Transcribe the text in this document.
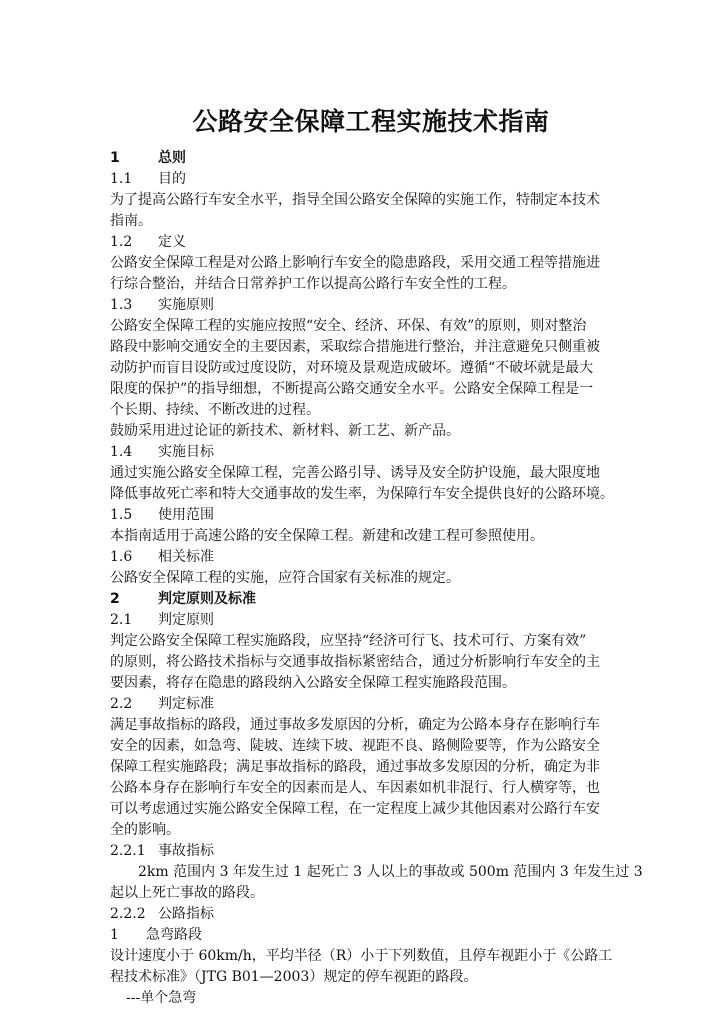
公路安全保障工程实施技术指南
1	总则
1.1 目的
为了提高公路行车安全水平，指导全国公路安全保障的实施工作，特制定本技术
指南。
1.2 定义
公路安全保障工程是对公路上影响行车安全的隐患路段，采用交通工程等措施进
行综合整治，并结合日常养护工作以提高公路行车安全性的工程。
1.3 实施原则
公路安全保障工程的实施应按照“安全、经济、环保、有效”的原则，则对整治
路段中影响交通安全的主要因素，采取综合措施进行整治，并注意避免只侧重被
动防护而盲目设防或过度设防，对环境及景观造成破坏。遵循“不破坏就是最大
限度的保护”的指导细想，不断提高公路交通安全水平。公路安全保障工程是一
个长期、持续、不断改进的过程。
鼓励采用进过论证的新技术、新材料、新工艺、新产品。
1.4 实施目标
通过实施公路安全保障工程，完善公路引导、诱导及安全防护设施，最大限度地
降低事故死亡率和特大交通事故的发生率，为保障行车安全提供良好的公路环境。
1.5 使用范围
本指南适用于高速公路的安全保障工程。新建和改建工程可参照使用。
1.6 相关标准
公路安全保障工程的实施，应符合国家有关标准的规定。
2	判定原则及标准
2.1 判定原则
判定公路安全保障工程实施路段，应坚持“经济可行飞、技术可行、方案有效”
的原则，将公路技术指标与交通事故指标紧密结合，通过分析影响行车安全的主
要因素，将存在隐患的路段纳入公路安全保障工程实施路段范围。
2.2 判定标准
满足事故指标的路段，通过事故多发原因的分析，确定为公路本身存在影响行车
安全的因素，如急弯、陡坡、连续下坡、视距不良、路侧险要等，作为公路安全
保障工程实施路段；满足事故指标的路段，通过事故多发原因的分析，确定为非
公路本身存在影响行车安全的因素而是人、车因素如机非混行、行人横穿等，也
可以考虑通过实施公路安全保障工程，在一定程度上减少其他因素对公路行车安
全的影响。
2.2.1 事故指标
2km 范围内 3 年发生过 1 起死亡 3 人以上的事故或 500m 范围内 3 年发生过 3
起以上死亡事故的路段。
2.2.2 公路指标
1 急弯路段
设计速度小于 60km/h，平均半径（R）小于下列数值，且停车视距小于《公路工
程技术标准》（JTG B01—2003）规定的停车视距的路段。
---单个急弯
